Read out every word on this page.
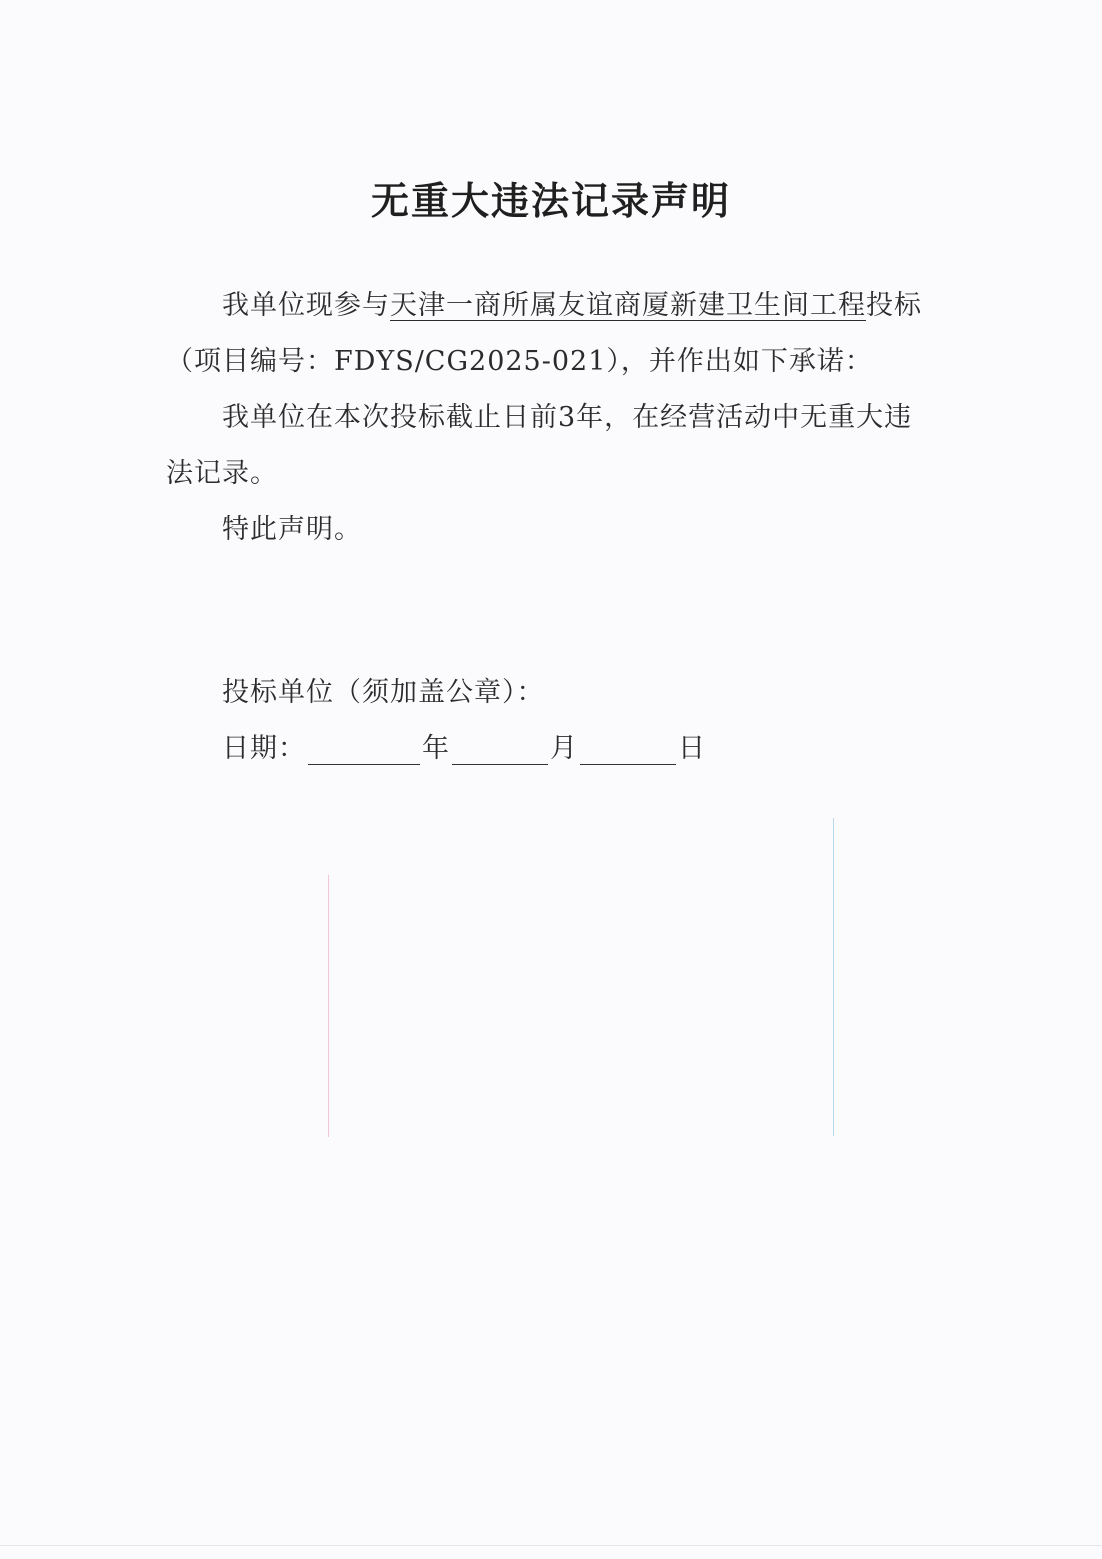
无重大违法记录声明
我单位现参与天津一商所属友谊商厦新建卫生间工程投标
（项目编号：FDYS/CG2025-021），并作出如下承诺：
我单位在本次投标截止日前3年，在经营活动中无重大违
法记录。
特此声明。
投标单位（须加盖公章）：
日期：	年	月	日
